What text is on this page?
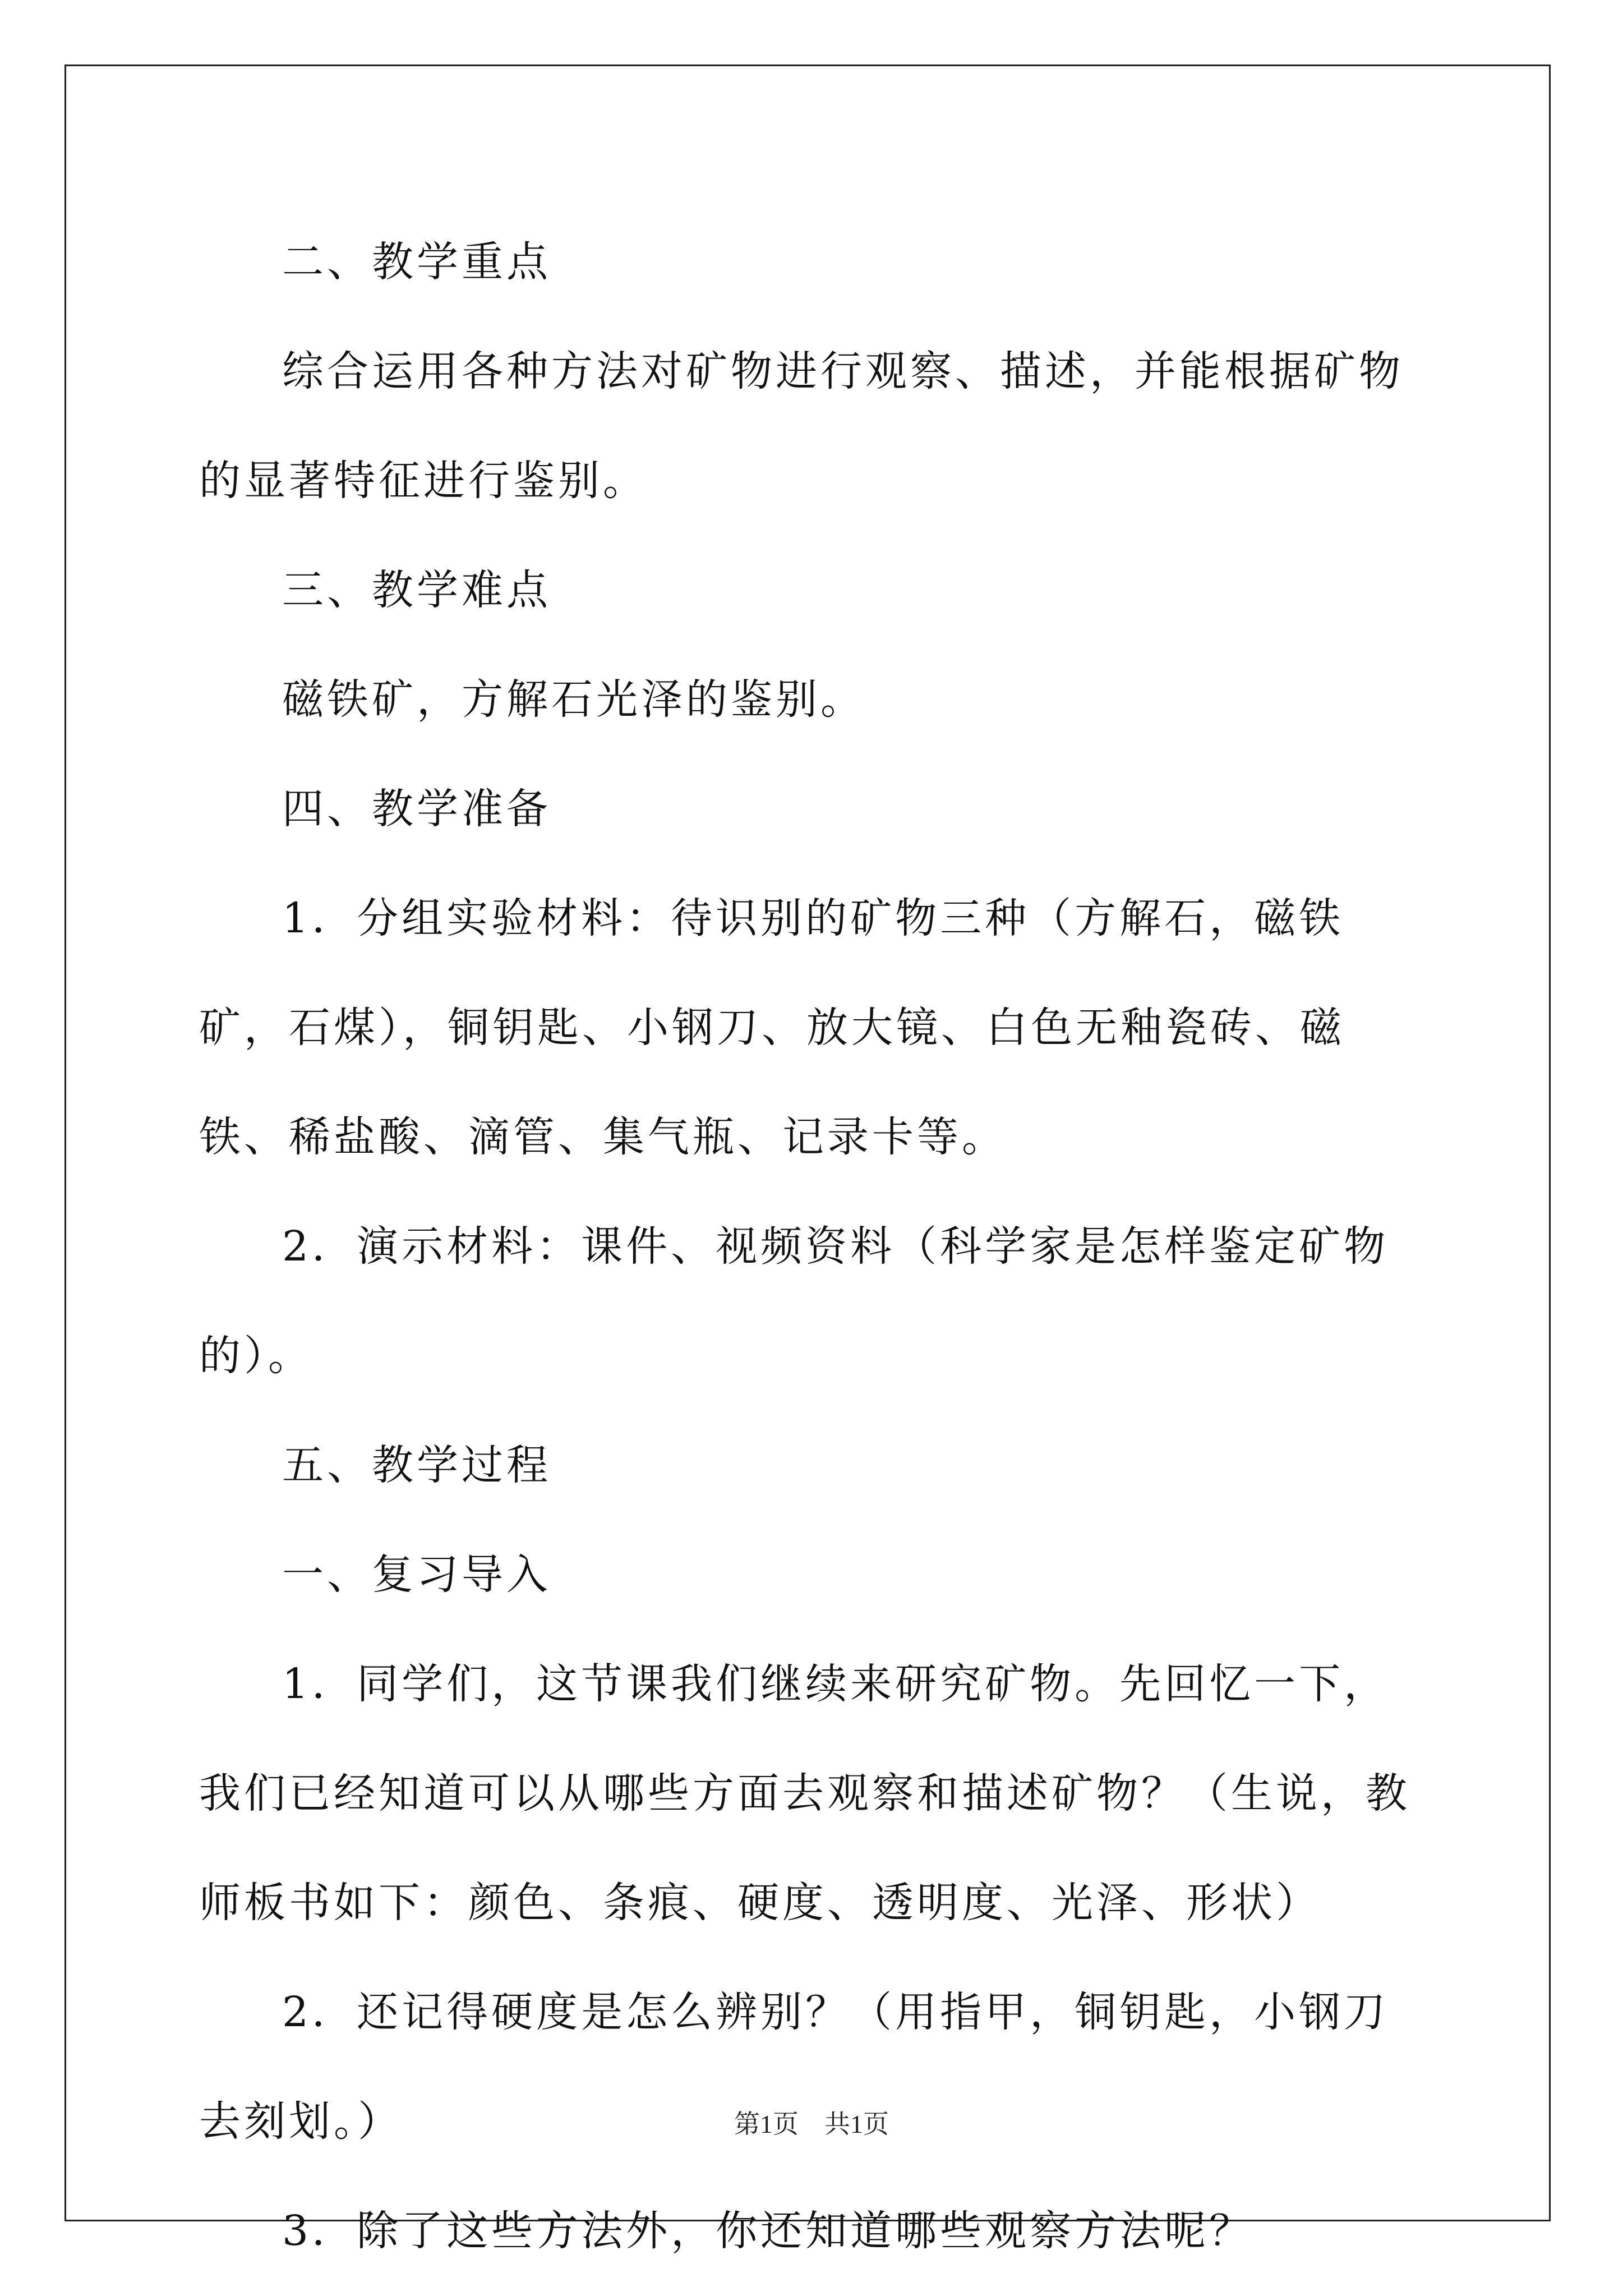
二、教学重点

综合运用各种方法对矿物进行观察、描述，并能根据矿物的显著特征进行鉴别。

三、教学难点

磁铁矿，方解石光泽的鉴别。

四、教学准备

1．分组实验材料：待识别的矿物三种（方解石，磁铁矿，石煤），铜钥匙、小钢刀、放大镜、白色无釉瓷砖、磁铁、稀盐酸、滴管、集气瓶、记录卡等。

2．演示材料：课件、视频资料（科学家是怎样鉴定矿物的）。

五、教学过程

一、复习导入

1．同学们，这节课我们继续来研究矿物。先回忆一下，我们已经知道可以从哪些方面去观察和描述矿物？（生说，教师板书如下：颜色、条痕、硬度、透明度、光泽、形状）

2．还记得硬度是怎么辨别？（用指甲，铜钥匙，小钢刀去刻划。）

3．除了这些方法外，你还知道哪些观察方法呢？

第1页　共1页
